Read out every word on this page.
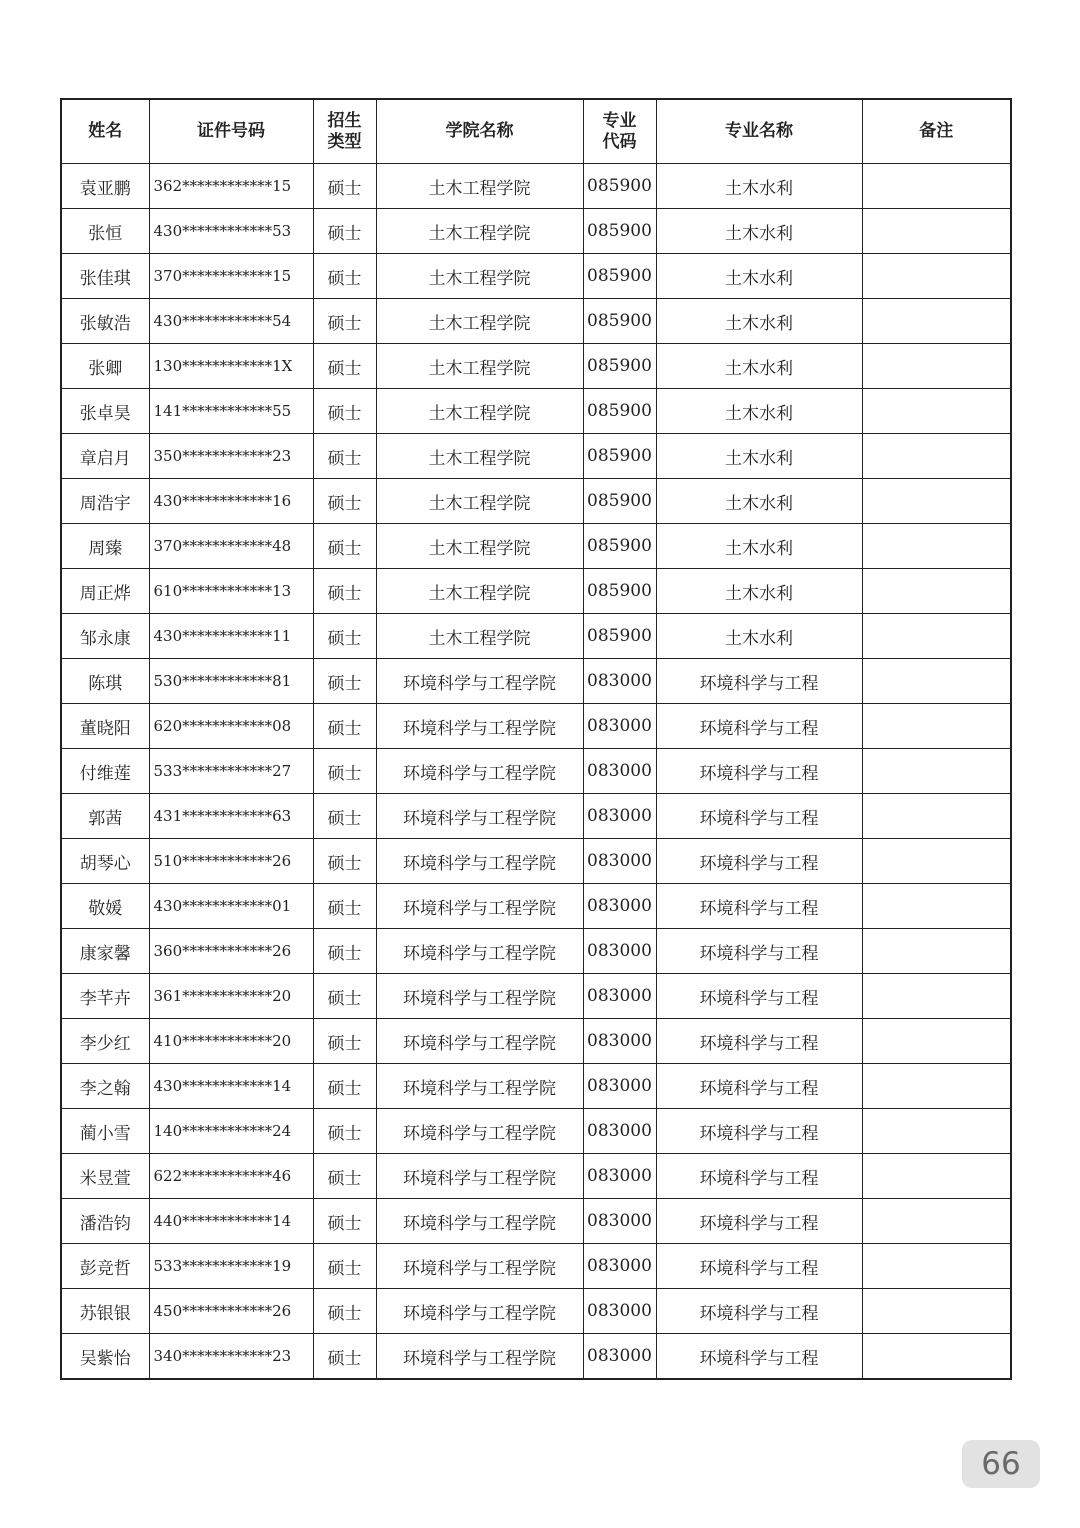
姓名	证件号码	招生类型	学院名称	专业代码	专业名称	备注
袁亚鹏	362************15	硕士	土木工程学院	085900	土木水利	
张恒	430************53	硕士	土木工程学院	085900	土木水利	
张佳琪	370************15	硕士	土木工程学院	085900	土木水利	
张敏浩	430************54	硕士	土木工程学院	085900	土木水利	
张卿	130************1X	硕士	土木工程学院	085900	土木水利	
张卓昊	141************55	硕士	土木工程学院	085900	土木水利	
章启月	350************23	硕士	土木工程学院	085900	土木水利	
周浩宇	430************16	硕士	土木工程学院	085900	土木水利	
周臻	370************48	硕士	土木工程学院	085900	土木水利	
周正烨	610************13	硕士	土木工程学院	085900	土木水利	
邹永康	430************11	硕士	土木工程学院	085900	土木水利	
陈琪	530************81	硕士	环境科学与工程学院	083000	环境科学与工程	
董晓阳	620************08	硕士	环境科学与工程学院	083000	环境科学与工程	
付维莲	533************27	硕士	环境科学与工程学院	083000	环境科学与工程	
郭茜	431************63	硕士	环境科学与工程学院	083000	环境科学与工程	
胡琴心	510************26	硕士	环境科学与工程学院	083000	环境科学与工程	
敬媛	430************01	硕士	环境科学与工程学院	083000	环境科学与工程	
康家馨	360************26	硕士	环境科学与工程学院	083000	环境科学与工程	
李芊卉	361************20	硕士	环境科学与工程学院	083000	环境科学与工程	
李少红	410************20	硕士	环境科学与工程学院	083000	环境科学与工程	
李之翰	430************14	硕士	环境科学与工程学院	083000	环境科学与工程	
蔺小雪	140************24	硕士	环境科学与工程学院	083000	环境科学与工程	
米昱萱	622************46	硕士	环境科学与工程学院	083000	环境科学与工程	
潘浩钧	440************14	硕士	环境科学与工程学院	083000	环境科学与工程	
彭竞哲	533************19	硕士	环境科学与工程学院	083000	环境科学与工程	
苏银银	450************26	硕士	环境科学与工程学院	083000	环境科学与工程	
吴紫怡	340************23	硕士	环境科学与工程学院	083000	环境科学与工程	
66
